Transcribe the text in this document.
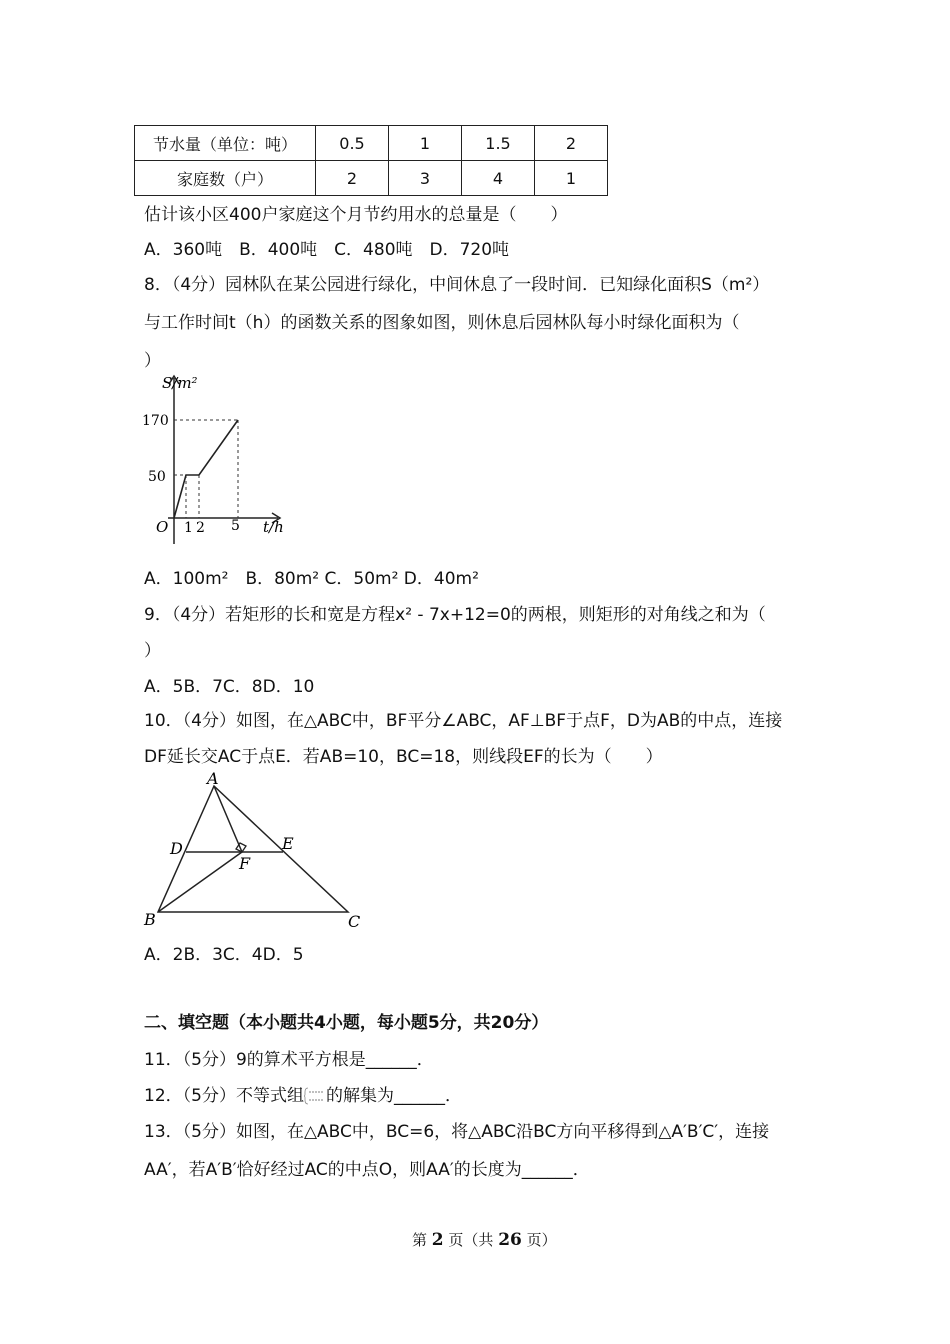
节水量（单位：吨）	0.5	1	1.5	2
家庭数（户）	2	3	4	1
估计该小区400户家庭这个月节约用水的总量是（　　）
A．360吨　B．400吨　C．480吨　D．720吨
8．（4分）园林队在某公园进行绿化，中间休息了一段时间．已知绿化面积S（m²）
与工作时间t（h）的函数关系的图象如图，则休息后园林队每小时绿化面积为（
）
S/m²
t/h
O
170
50
1 2 5
A．100m²　B．80m² C．50m² D．40m²
9．（4分）若矩形的长和宽是方程x² - 7x+12=0的两根，则矩形的对角线之和为（
）
A．5B．7C．8D．10
10．（4分）如图，在△ABC中，BF平分∠ABC，AF⊥BF于点F，D为AB的中点，连接
DF延长交AC于点E．若AB=10，BC=18，则线段EF的长为（　　）
A
D	E
F
B	C
A．2B．3C．4D．5
二、填空题（本小题共4小题，每小题5分，共20分）
11．（5分）9的算术平方根是______．
12．（5分）不等式组 的解集为______．
13．（5分）如图，在△ABC中，BC=6，将△ABC沿BC方向平移得到△A′B′C′，连接
AA′，若A′B′恰好经过AC的中点O，则AA′的长度为______．
第 2 页（共 26 页）
